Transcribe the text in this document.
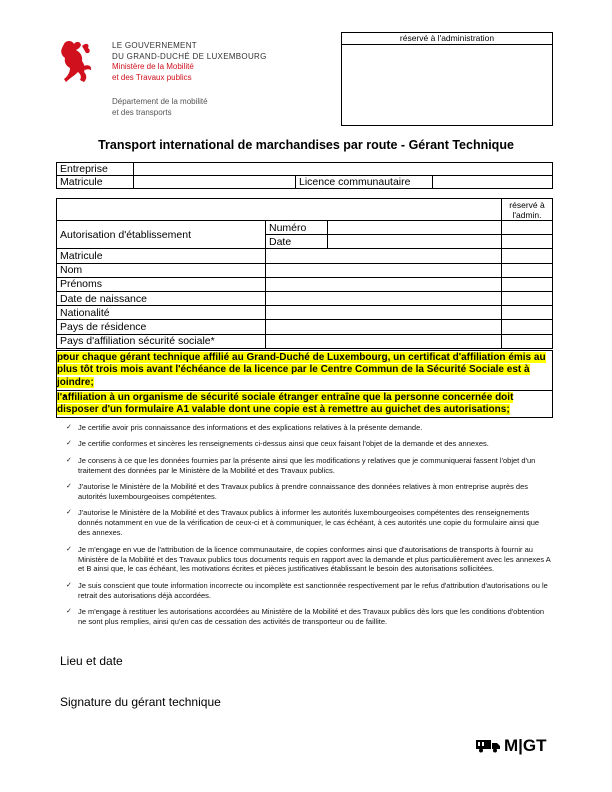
LE GOUVERNEMENT
DU GRAND-DUCHÉ DE LUXEMBOURG
Ministère de la Mobilité
et des Travaux publics
Département de la mobilité
et des transports
réservé à l'administration
Transport international de marchandises par route - Gérant Technique
Entreprise			
Matricule		Licence communautaire	
			réservé à l'admin.
Autorisation d'établissement	Numéro		
	Date		
Matricule			
Nom			
Prénoms			
Date de naissance			
Nationalité			
Pays de résidence			
Pays d'affiliation sécurité sociale*			
• pour chaque gérant technique affilié au Grand-Duché de Luxembourg, un certificat d'affiliation émis au plus tôt trois mois avant l'échéance de la licence par le Centre Commun de la Sécurité Sociale est à joindre;
• l'affiliation à un organisme de sécurité sociale étranger entraîne que la personne concernée doit disposer d'un formulaire A1 valable dont une copie est à remettre au guichet des autorisations;
✓ Je certifie avoir pris connaissance des informations et des explications relatives à la présente demande.
✓ Je certifie conformes et sincères les renseignements ci-dessus ainsi que ceux faisant l'objet de la demande et des annexes.
✓ Je consens à ce que les données fournies par la présente ainsi que les modifications y relatives que je communiquerai fassent l'objet d'un traitement des données par le Ministère de la Mobilité et des Travaux publics.
✓ J'autorise le Ministère de la Mobilité et des Travaux publics à prendre connaissance des données relatives à mon entreprise auprès des autorités luxembourgeoises compétentes.
✓ J'autorise le Ministère de la Mobilité et des Travaux publics à informer les autorités luxembourgeoises compétentes des renseignements donnés notamment en vue de la vérification de ceux-ci et à communiquer, le cas échéant, à ces autorités une copie du formulaire ainsi que des annexes.
✓ Je m'engage en vue de l'attribution de la licence communautaire, de copies conformes ainsi que d'autorisations de transports à fournir au Ministère de la Mobilité et des Travaux publics tous documents requis en rapport avec la demande et plus particulièrement avec les annexes A et B ainsi que, le cas échéant, les motivations écrites et pièces justificatives établissant le besoin des autorisations sollicitées.
✓ Je suis conscient que toute information incorrecte ou incomplète est sanctionnée respectivement par le refus d'attribution d'autorisations ou le retrait des autorisations déjà accordées.
✓ Je m'engage à restituer les autorisations accordées au Ministère de la Mobilité et des Travaux publics dès lors que les conditions d'obtention ne sont plus remplies, ainsi qu'en cas de cessation des activités de transporteur ou de faillite.
Lieu et date
Signature du gérant technique
M|GT
